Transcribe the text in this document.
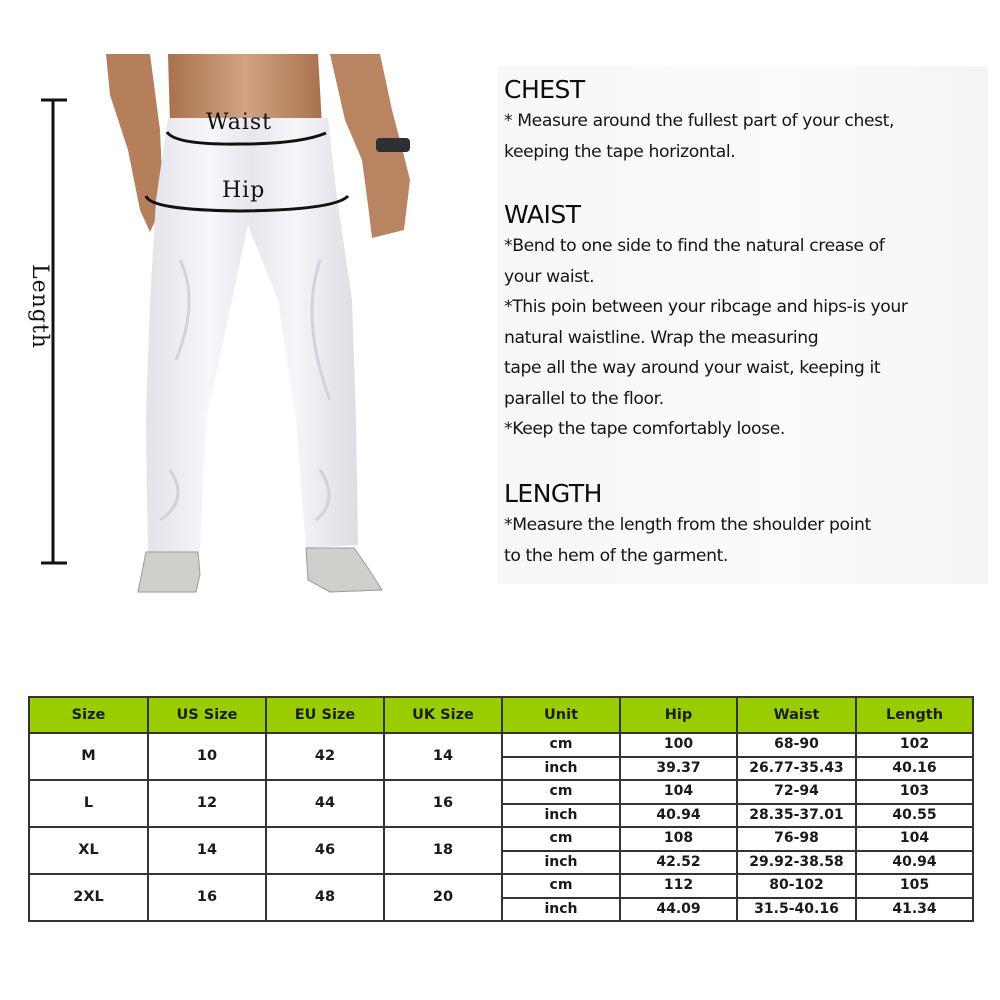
Waist
Hip
Length
CHEST

* Measure around the fullest part of your chest,

keeping the tape horizontal.

WAIST

*Bend to one side to find the natural crease of

your waist.

*This poin between your ribcage and hips-is your

natural waistline. Wrap the measuring

tape all the way around your waist, keeping it

parallel to the floor.

*Keep the tape comfortably loose.

LENGTH

*Measure the length from the shoulder point

to the hem of the garment.

Size	US Size	EU Size	UK Size	Unit	Hip	Waist	Length
M	10	42	14	cm	100	68-90	102
				inch	39.37	26.77-35.43	40.16
L	12	44	16	cm	104	72-94	103
				inch	40.94	28.35-37.01	40.55
XL	14	46	18	cm	108	76-98	104
				inch	42.52	29.92-38.58	40.94
2XL	16	48	20	cm	112	80-102	105
				inch	44.09	31.5-40.16	41.34
